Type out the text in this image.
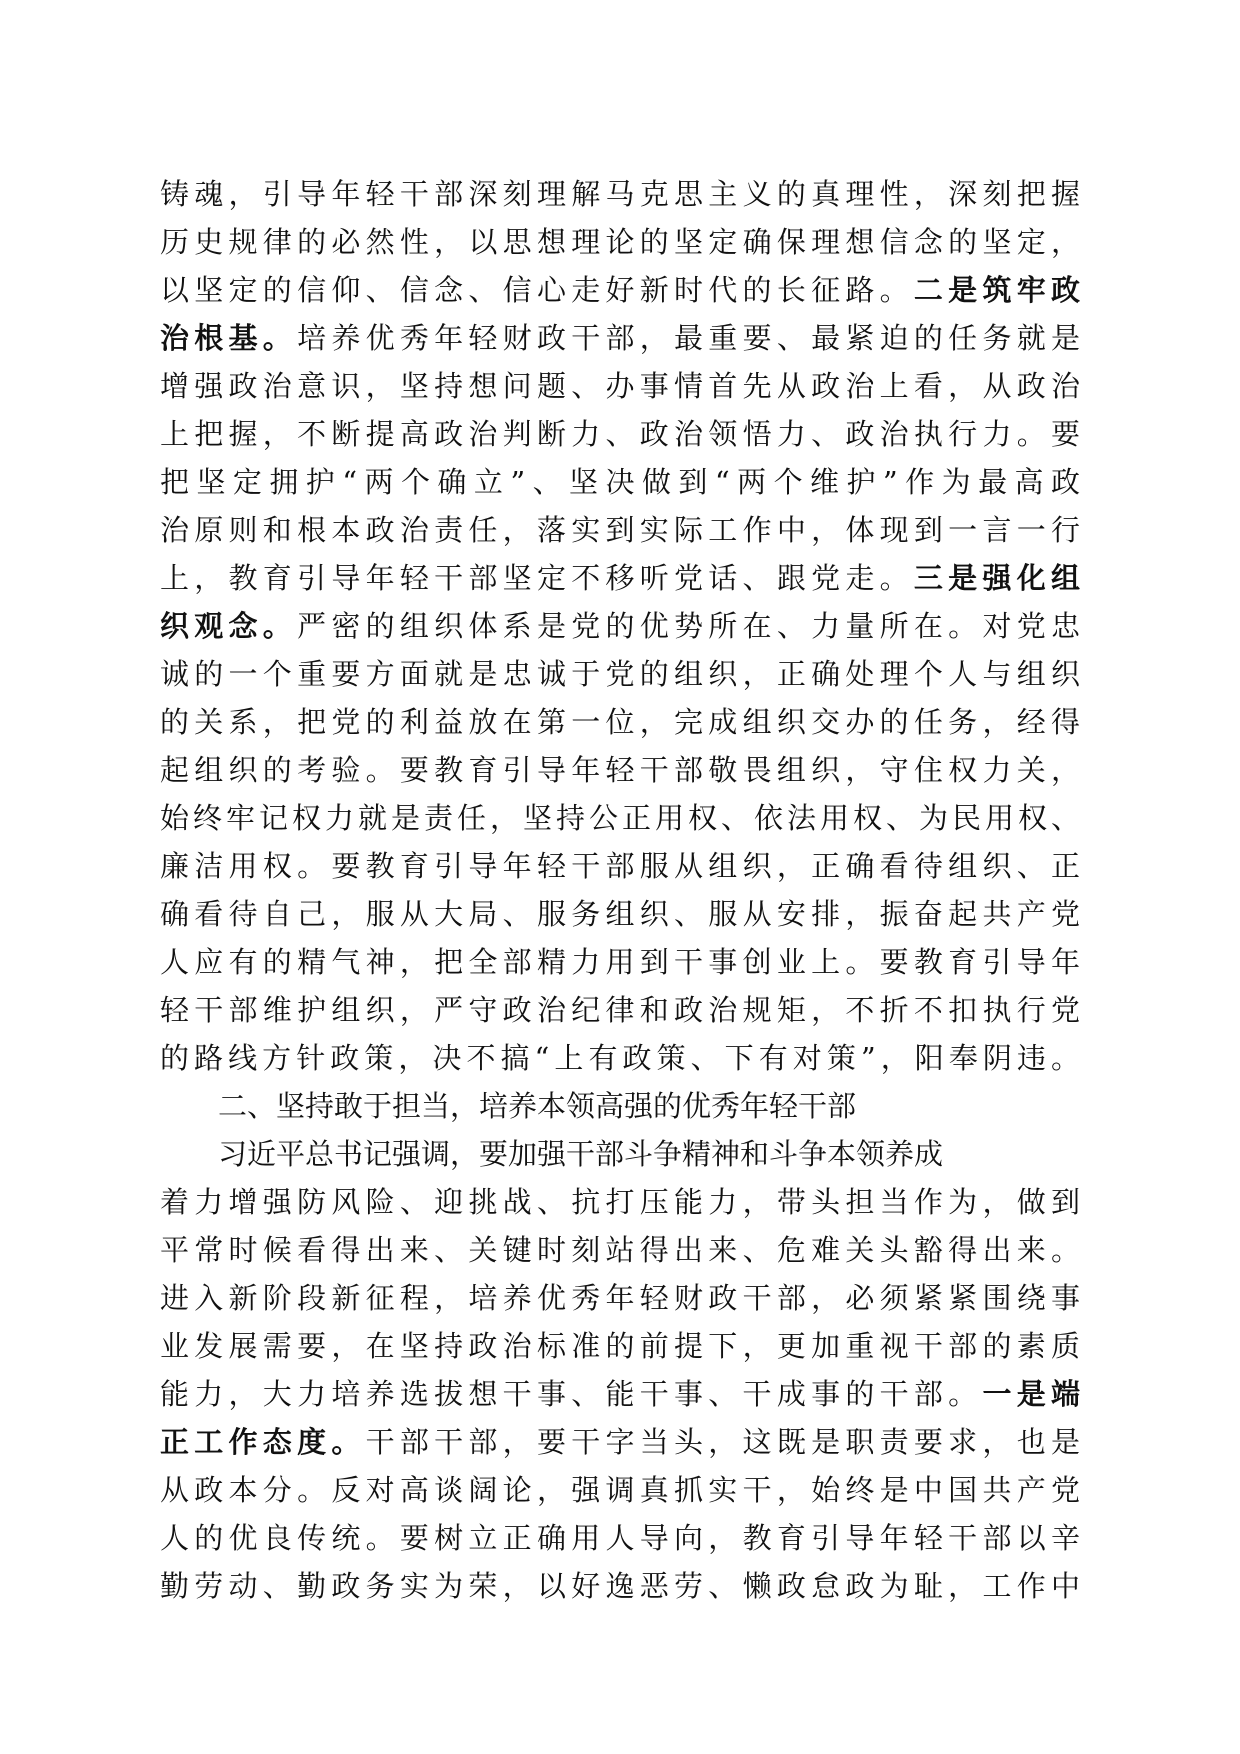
铸魂，引导年轻干部深刻理解马克思主义的真理性，深刻把握
历史规律的必然性，以思想理论的坚定确保理想信念的坚定，
以坚定的信仰、信念、信心走好新时代的长征路。二是筑牢政
治根基。培养优秀年轻财政干部，最重要、最紧迫的任务就是
增强政治意识，坚持想问题、办事情首先从政治上看，从政治
上把握，不断提高政治判断力、政治领悟力、政治执行力。要
把坚定拥护“两个确立”、坚决做到“两个维护”作为最高政
治原则和根本政治责任，落实到实际工作中，体现到一言一行
上，教育引导年轻干部坚定不移听党话、跟党走。三是强化组
织观念。严密的组织体系是党的优势所在、力量所在。对党忠
诚的一个重要方面就是忠诚于党的组织，正确处理个人与组织
的关系，把党的利益放在第一位，完成组织交办的任务，经得
起组织的考验。要教育引导年轻干部敬畏组织，守住权力关，
始终牢记权力就是责任，坚持公正用权、依法用权、为民用权、
廉洁用权。要教育引导年轻干部服从组织，正确看待组织、正
确看待自己，服从大局、服务组织、服从安排，振奋起共产党
人应有的精气神，把全部精力用到干事创业上。要教育引导年
轻干部维护组织，严守政治纪律和政治规矩，不折不扣执行党
的路线方针政策，决不搞“上有政策、下有对策”，阳奉阴违。
二、坚持敢于担当，培养本领高强的优秀年轻干部
习近平总书记强调，要加强干部斗争精神和斗争本领养成
着力增强防风险、迎挑战、抗打压能力，带头担当作为，做到
平常时候看得出来、关键时刻站得出来、危难关头豁得出来。
进入新阶段新征程，培养优秀年轻财政干部，必须紧紧围绕事
业发展需要，在坚持政治标准的前提下，更加重视干部的素质
能力，大力培养选拔想干事、能干事、干成事的干部。一是端
正工作态度。干部干部，要干字当头，这既是职责要求，也是
从政本分。反对高谈阔论，强调真抓实干，始终是中国共产党
人的优良传统。要树立正确用人导向，教育引导年轻干部以辛
勤劳动、勤政务实为荣，以好逸恶劳、懒政怠政为耻，工作中
